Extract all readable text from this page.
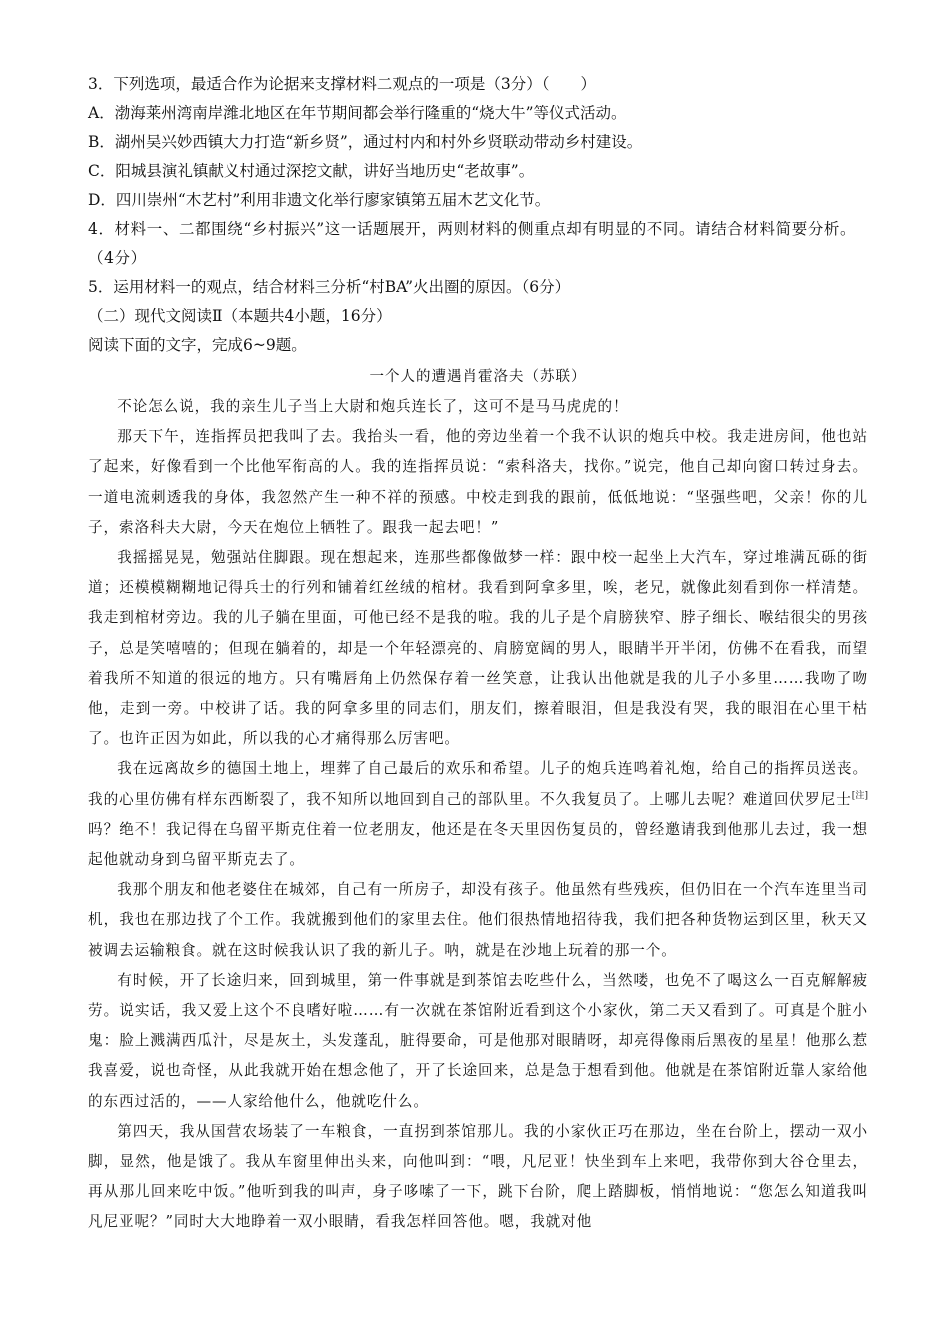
3．下列选项，最适合作为论据来支撑材料二观点的一项是（3分）（　　）

A．渤海莱州湾南岸潍北地区在年节期间都会举行隆重的“烧大牛”等仪式活动。

B．湖州吴兴妙西镇大力打造“新乡贤”，通过村内和村外乡贤联动带动乡村建设。

C．阳城县演礼镇献义村通过深挖文献，讲好当地历史“老故事”。

D．四川崇州“木艺村”利用非遗文化举行廖家镇第五届木艺文化节。

4．材料一、二都围绕“乡村振兴”这一话题展开，两则材料的侧重点却有明显的不同。请结合材料简要分析。（4分）

5．运用材料一的观点，结合材料三分析“村BA”火出圈的原因。（6分）

（二）现代文阅读Ⅱ（本题共4小题，16分）

阅读下面的文字，完成6~9题。

一个人的遭遇肖霍洛夫（苏联）

不论怎么说，我的亲生儿子当上大尉和炮兵连长了，这可不是马马虎虎的！

那天下午，连指挥员把我叫了去。我抬头一看，他的旁边坐着一个我不认识的炮兵中校。我走进房间，他也站了起来，好像看到一个比他军衔高的人。我的连指挥员说：“索科洛夫，找你。”说完，他自己却向窗口转过身去。一道电流刺透我的身体，我忽然产生一种不祥的预感。中校走到我的跟前，低低地说：“坚强些吧，父亲！你的儿子，索洛科夫大尉，今天在炮位上牺牲了。跟我一起去吧！”

我摇摇晃晃，勉强站住脚跟。现在想起来，连那些都像做梦一样：跟中校一起坐上大汽车，穿过堆满瓦砾的街道；还模模糊糊地记得兵士的行列和铺着红丝绒的棺材。我看到阿拿多里，唉，老兄，就像此刻看到你一样清楚。我走到棺材旁边。我的儿子躺在里面，可他已经不是我的啦。我的儿子是个肩膀狭窄、脖子细长、喉结很尖的男孩子，总是笑嘻嘻的；但现在躺着的，却是一个年轻漂亮的、肩膀宽阔的男人，眼睛半开半闭，仿佛不在看我，而望着我所不知道的很远的地方。只有嘴唇角上仍然保存着一丝笑意，让我认出他就是我的儿子小多里……我吻了吻他，走到一旁。中校讲了话。我的阿拿多里的同志们，朋友们，擦着眼泪，但是我没有哭，我的眼泪在心里干枯了。也许正因为如此，所以我的心才痛得那么厉害吧。

我在远离故乡的德国土地上，埋葬了自己最后的欢乐和希望。儿子的炮兵连鸣着礼炮，给自己的指挥员送丧。我的心里仿佛有样东西断裂了，我不知所以地回到自己的部队里。不久我复员了。上哪儿去呢？难道回伏罗尼士[注]吗？绝不！我记得在乌留平斯克住着一位老朋友，他还是在冬天里因伤复员的，曾经邀请我到他那儿去过，我一想起他就动身到乌留平斯克去了。

我那个朋友和他老婆住在城郊，自己有一所房子，却没有孩子。他虽然有些残疾，但仍旧在一个汽车连里当司机，我也在那边找了个工作。我就搬到他们的家里去住。他们很热情地招待我，我们把各种货物运到区里，秋天又被调去运输粮食。就在这时候我认识了我的新儿子。呐，就是在沙地上玩着的那一个。

有时候，开了长途归来，回到城里，第一件事就是到茶馆去吃些什么，当然喽，也免不了喝这么一百克解解疲劳。说实话，我又爱上这个不良嗜好啦……有一次就在茶馆附近看到这个小家伙，第二天又看到了。可真是个脏小鬼：脸上溅满西瓜汁，尽是灰土，头发蓬乱，脏得要命，可是他那对眼睛呀，却亮得像雨后黑夜的星星！他那么惹我喜爱，说也奇怪，从此我就开始在想念他了，开了长途回来，总是急于想看到他。他就是在茶馆附近靠人家给他的东西过活的，——人家给他什么，他就吃什么。

第四天，我从国营农场装了一车粮食，一直拐到茶馆那儿。我的小家伙正巧在那边，坐在台阶上，摆动一双小脚，显然，他是饿了。我从车窗里伸出头来，向他叫到：“喂，凡尼亚！快坐到车上来吧，我带你到大谷仓里去，再从那儿回来吃中饭。”他听到我的叫声，身子哆嗦了一下，跳下台阶，爬上踏脚板，悄悄地说：“您怎么知道我叫凡尼亚呢？”同时大大地睁着一双小眼睛，看我怎样回答他。嗯，我就对他
